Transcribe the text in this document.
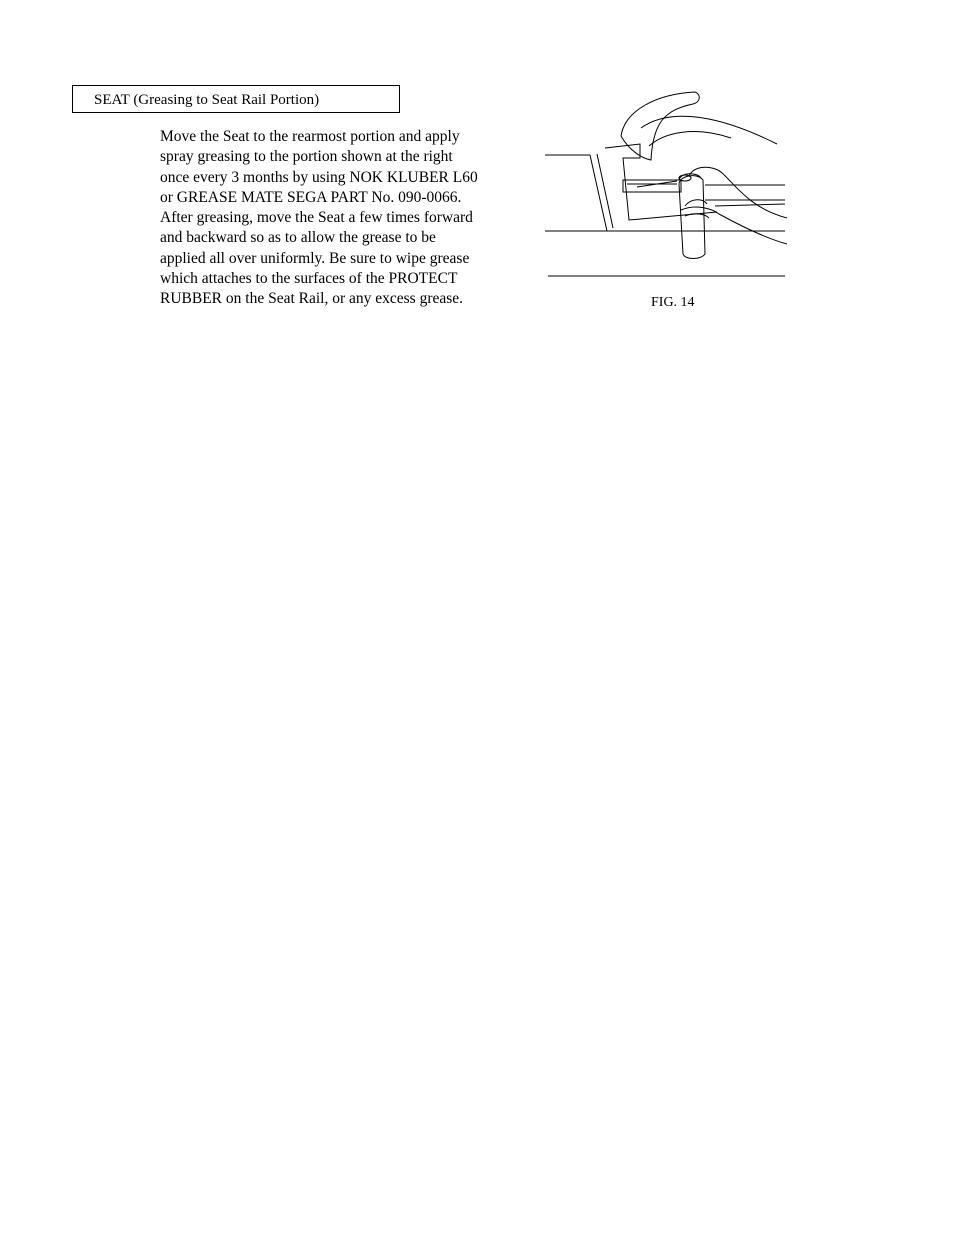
SEAT (Greasing to Seat Rail Portion)
Move the Seat to the rearmost portion and apply
spray greasing to the portion shown at the right
once every 3 months by using NOK KLUBER L60
or GREASE MATE SEGA PART No. 090-0066.
After greasing, move the Seat a few times forward
and backward so as to allow the grease to be
applied all over uniformly. Be sure to wipe grease
which attaches to the surfaces of the PROTECT
RUBBER on the Seat Rail, or any excess grease.	FIG. 14
